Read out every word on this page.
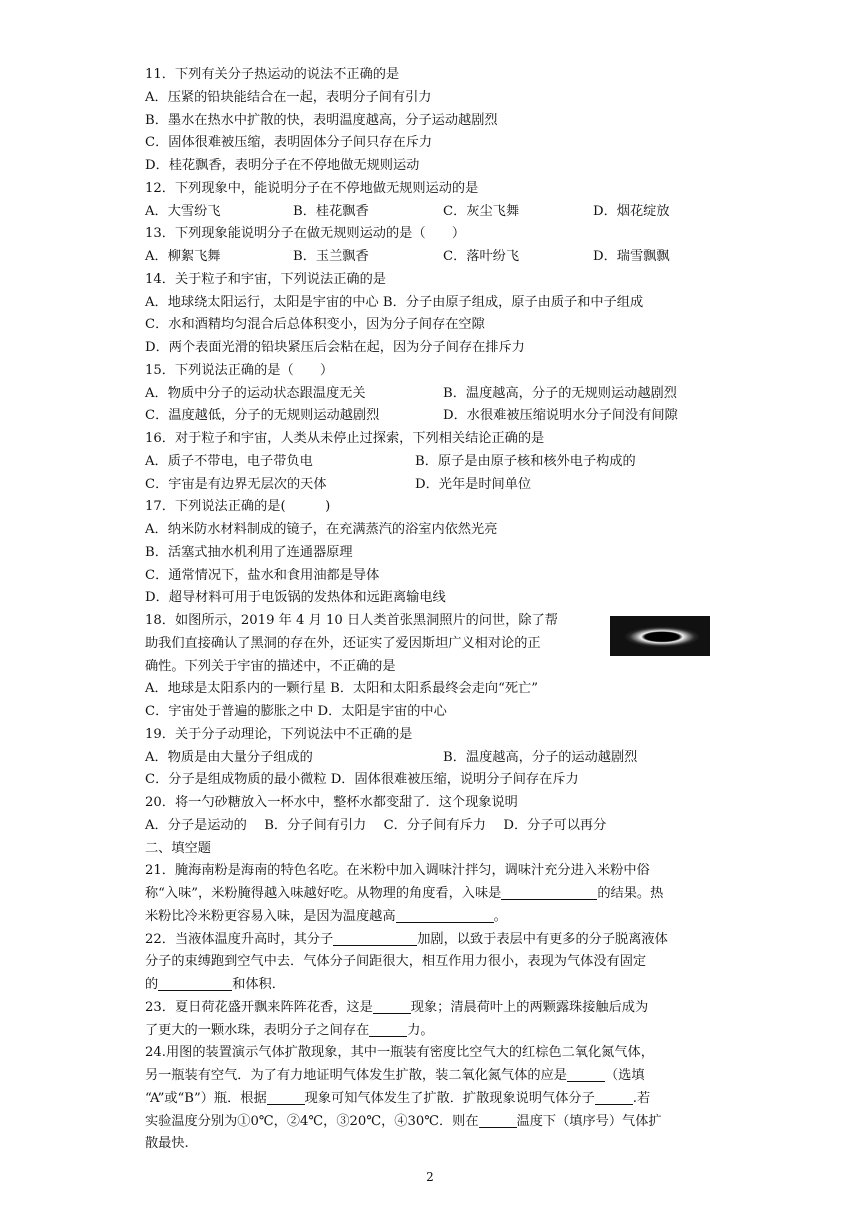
11．下列有关分子热运动的说法不正确的是
A．压紧的铅块能结合在一起，表明分子间有引力
B．墨水在热水中扩散的快，表明温度越高，分子运动越剧烈
C．固体很难被压缩，表明固体分子间只存在斥力
D．桂花飘香，表明分子在不停地做无规则运动
12．下列现象中，能说明分子在不停地做无规则运动的是
A．大雪纷飞	B．桂花飘香	C．灰尘飞舞	D．烟花绽放
13．下列现象能说明分子在做无规则运动的是（　　）
A．柳絮飞舞	B．玉兰飘香	C．落叶纷飞	D．瑞雪飘飘
14．关于粒子和宇宙，下列说法正确的是
A．地球绕太阳运行，太阳是宇宙的中心 B．分子由原子组成，原子由质子和中子组成
C．水和酒精均匀混合后总体积变小，因为分子间存在空隙
D．两个表面光滑的铅块紧压后会粘在起，因为分子间存在排斥力
15．下列说法正确的是（　　）
A．物质中分子的运动状态跟温度无关	B．温度越高，分子的无规则运动越剧烈
C．温度越低，分子的无规则运动越剧烈	D．水很难被压缩说明水分子间没有间隙
16．对于粒子和宇宙，人类从未停止过探索，下列相关结论正确的是
A．质子不带电，电子带负电	B．原子是由原子核和核外电子构成的
C．宇宙是有边界无层次的天体	D．光年是时间单位
17．下列说法正确的是(　　　)
A．纳米防水材料制成的镜子，在充满蒸汽的浴室内依然光亮
B．活塞式抽水机利用了连通器原理
C．通常情况下，盐水和食用油都是导体
D．超导材料可用于电饭锅的发热体和远距离输电线
18．如图所示，2019 年 4 月 10 日人类首张黑洞照片的问世，除了帮
助我们直接确认了黑洞的存在外，还证实了爱因斯坦广义相对论的正
确性。下列关于宇宙的描述中，不正确的是
A．地球是太阳系内的一颗行星 B．太阳和太阳系最终会走向“死亡”
C．宇宙处于普遍的膨胀之中 D．太阳是宇宙的中心
19．关于分子动理论，下列说法中不正确的是
A．物质是由大量分子组成的	B．温度越高，分子的运动越剧烈
C．分子是组成物质的最小微粒 D．固体很难被压缩，说明分子间存在斥力
20．将一勺砂糖放入一杯水中，整杯水都变甜了．这个现象说明
A．分子是运动的　 B．分子间有引力　 C．分子间有斥力　 D．分子可以再分
二、填空题
21．腌海南粉是海南的特色名吃。在米粉中加入调味汁拌匀，调味汁充分进入米粉中俗
称“入味”，米粉腌得越入味越好吃。从物理的角度看，入味是	的结果。热
米粉比冷米粉更容易入味，是因为温度越高	。
22．当液体温度升高时，其分子	加剧，以致于表层中有更多的分子脱离液体
分子的束缚跑到空气中去．气体分子间距很大，相互作用力很小，表现为气体没有固定
的	和体积．
23．夏日荷花盛开飘来阵阵花香，这是	现象；清晨荷叶上的两颗露珠接触后成为
了更大的一颗水珠，表明分子之间存在	力。
24.用图的装置演示气体扩散现象，其中一瓶装有密度比空气大的红棕色二氧化氮气体，
另一瓶装有空气．为了有力地证明气体发生扩散，装二氧化氮气体的应是	（选填
“A”或“B”）瓶．根据	现象可知气体发生了扩散．扩散现象说明气体分子	.若
实验温度分别为①0℃，②4℃，③20℃，④30℃．则在	温度下（填序号）气体扩
散最快.
2
